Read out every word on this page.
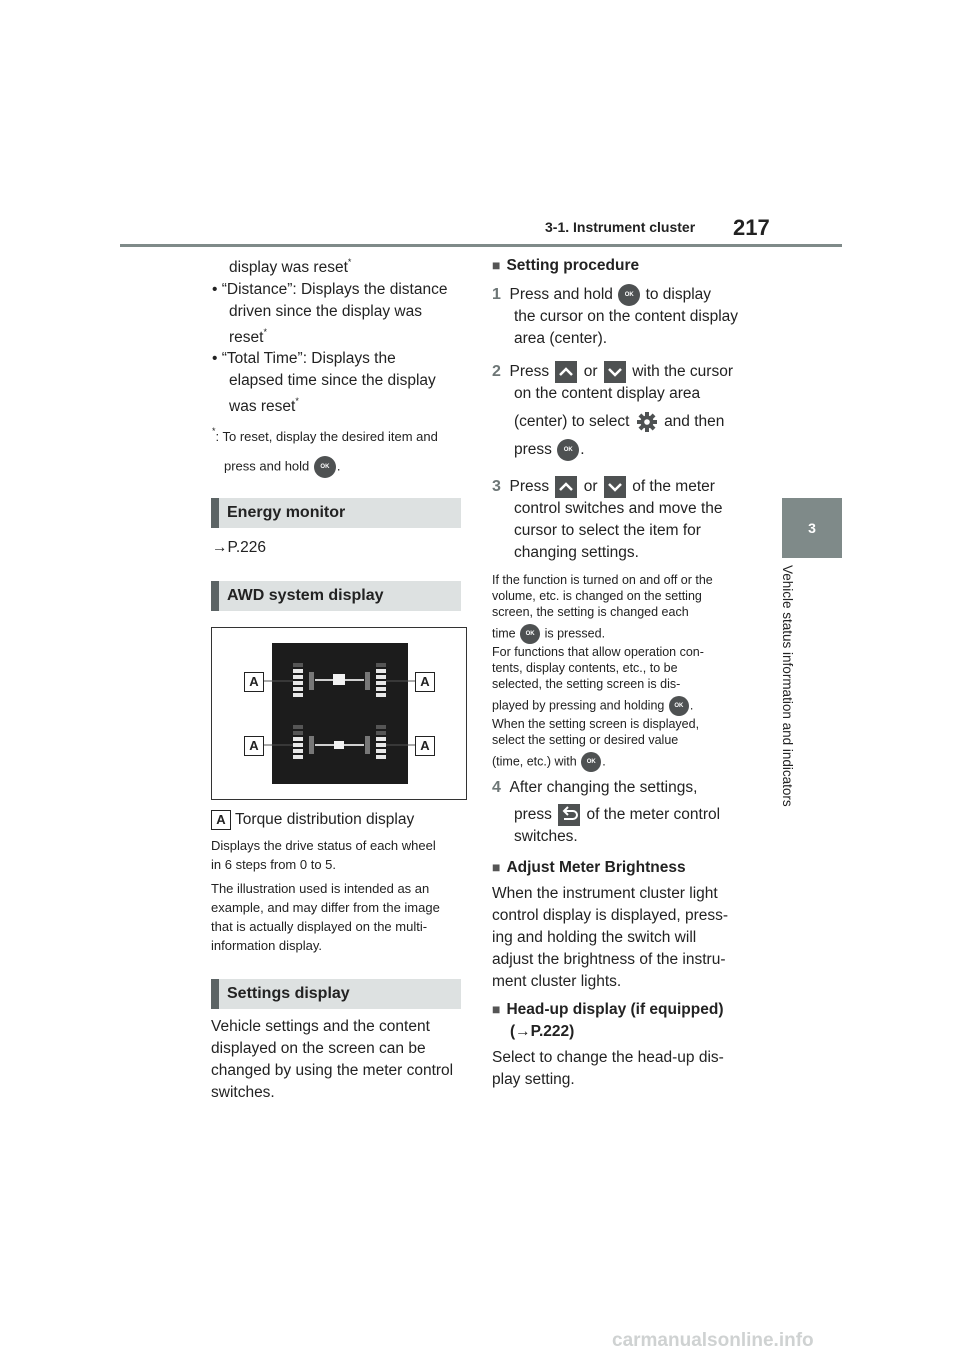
3-1. Instrument cluster 217
3
Vehicle status information and indicators
display was reset*
• “Distance”: Displays the distance
driven since the display was
reset*
• “Total Time”: Displays the
elapsed time since the display
was reset*
*: To reset, display the desired item and
press and hold OK .
Energy monitor
→P.226
AWD system display
A	A
A	A
A Torque distribution display
Displays the drive status of each wheel
in 6 steps from 0 to 5.
The illustration used is intended as an
example, and may differ from the image
that is actually displayed on the multi-
information display.
Settings display
Vehicle settings and the content
displayed on the screen can be
changed by using the meter control
switches.
■ Setting procedure
1 Press and hold OK to display
the cursor on the content display
area (center).
2 Press or with the cursor
on the content display area
(center) to select and then
press OK .
3 Press or of the meter
control switches and move the
cursor to select the item for
changing settings.
If the function is turned on and off or the
volume, etc. is changed on the setting
screen, the setting is changed each
time OK is pressed.
For functions that allow operation con-
tents, display contents, etc., to be
selected, the setting screen is dis-
played by pressing and holding OK .
When the setting screen is displayed,
select the setting or desired value
(time, etc.) with OK .
4 After changing the settings,
press of the meter control
switches.
■ Adjust Meter Brightness
When the instrument cluster light
control display is displayed, press-
ing and holding the switch will
adjust the brightness of the instru-
ment cluster lights.
■ Head-up display (if equipped)
(→P.222)
Select to change the head-up dis-
play setting.
carmanualsonline.info
